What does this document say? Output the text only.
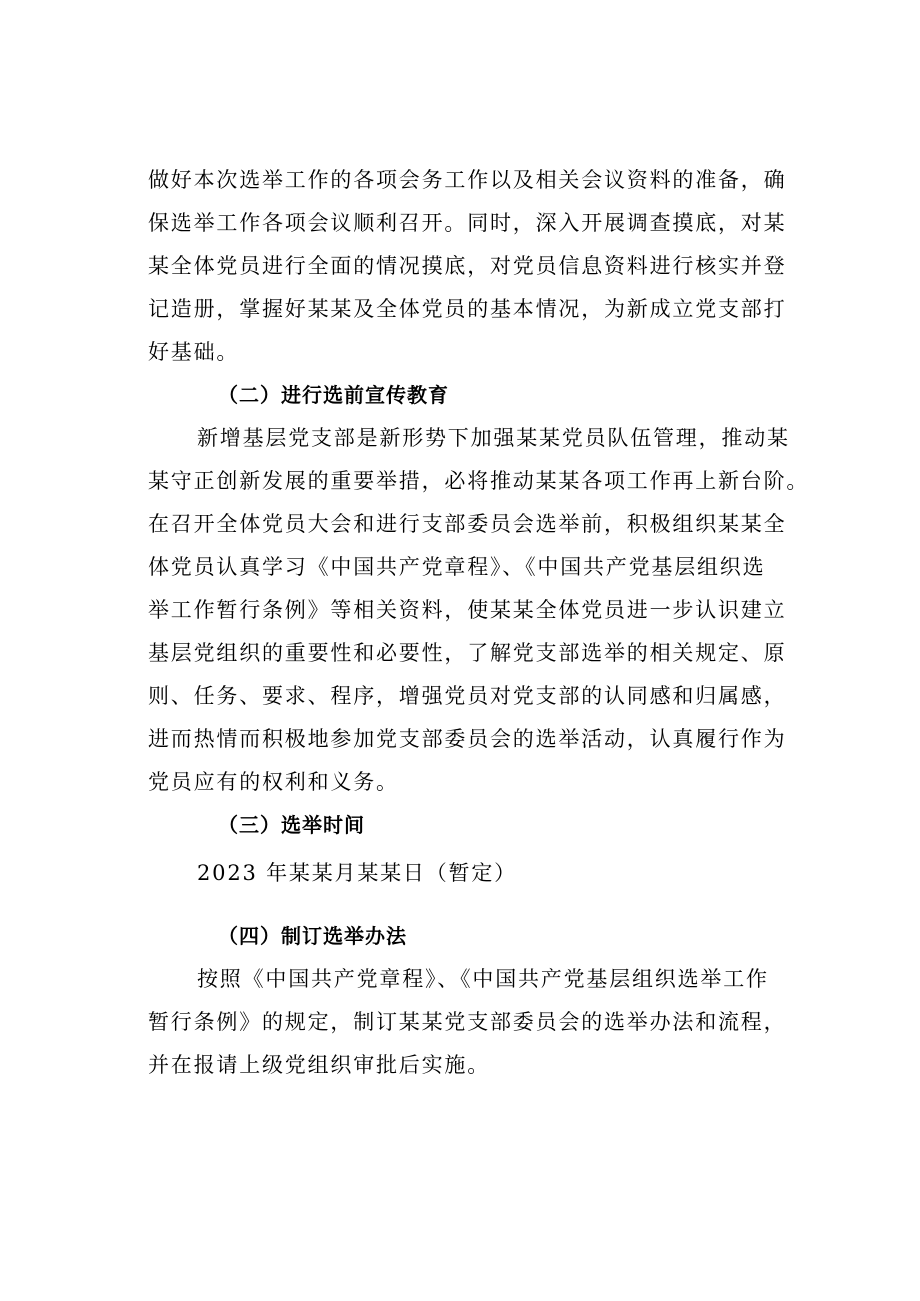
做好本次选举工作的各项会务工作以及相关会议资料的准备，确
保选举工作各项会议顺利召开。同时，深入开展调查摸底，对某
某全体党员进行全面的情况摸底，对党员信息资料进行核实并登
记造册，掌握好某某及全体党员的基本情况，为新成立党支部打
好基础。
（二）进行选前宣传教育
新增基层党支部是新形势下加强某某党员队伍管理，推动某
某守正创新发展的重要举措，必将推动某某各项工作再上新台阶。
在召开全体党员大会和进行支部委员会选举前，积极组织某某全
体党员认真学习《中国共产党章程》、《中国共产党基层组织选
举工作暂行条例》等相关资料，使某某全体党员进一步认识建立
基层党组织的重要性和必要性，了解党支部选举的相关规定、原
则、任务、要求、程序，增强党员对党支部的认同感和归属感，
进而热情而积极地参加党支部委员会的选举活动，认真履行作为
党员应有的权利和义务。
（三）选举时间
2023 年某某月某某日（暂定）
（四）制订选举办法
按照《中国共产党章程》、《中国共产党基层组织选举工作
暂行条例》的规定，制订某某党支部委员会的选举办法和流程，
并在报请上级党组织审批后实施。
